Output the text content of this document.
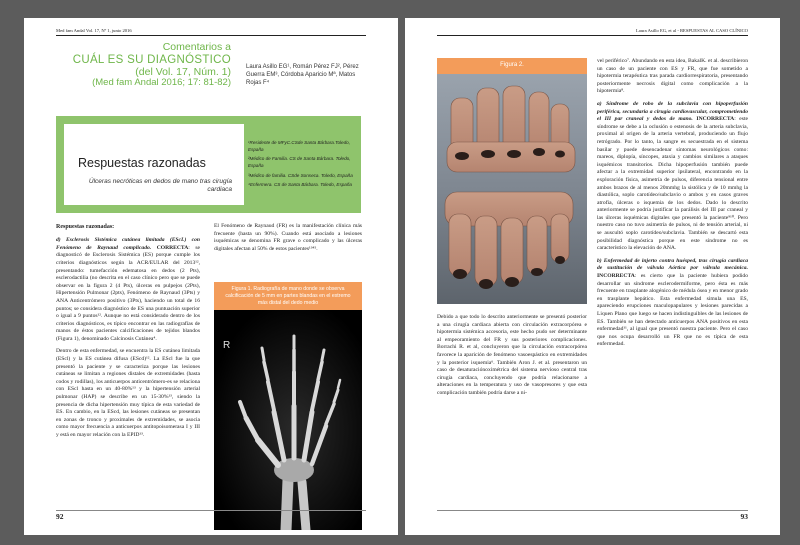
Med fam Andal Vol. 17, Nº 1, junio 2016
Comentarios a
CUÁL ES SU DIAGNÓSTICO
(del Vol. 17, Núm. 1)
(Med fam Andal 2016; 17: 81-82)
Laura Asillo EG¹, Román Pérez FJ², Pérez Guerra EM³, Córdoba Aparicio Mª, Matos Rojas F⁴
Respuestas razonadas
Úlceras necróticas en dedos de mano tras cirugía cardiaca

¹Residente de MFyC.CSde Santa Bárbara.Toledo, España

²Médico de Familia. CS de Santa Bárbara. Toledo, España

³Médico de familia. CSde Sonseca. Toledo, España

⁴Enfermera. CS de Santa Bárbara. Toledo, España

Respuestas razonadas:

d) Esclerosis Sistémica cutánea limitada (EScL) con Fenómeno de Raynaud complicado. CORRECTA: se diagnosticó de Esclerosis Sistémica (ES) porque cumple los criterios diagnósticos según la ACR/EULAR del 2013¹², presentando: tumefacción edematosa en dedos (2 Pts), esclerodactilia (no descrita en el caso clínico pero que se puede observar en la figura 2 (4 Pts), úlceras en pulpejos (2Pts), Hipertensión Pulmonar (2pts), Fenómeno de Raynaud (3Pts) y ANA Anticentrómero positivo (3Pts), haciendo un total de 16 puntos; se considera diagnóstico de ES una puntuación superior o igual a 9 puntos¹². Aunque no está considerado dentro de los criterios diagnósticos, es típico encontrar en las radiografías de manos de éstos pacientes calcificaciones de tejidos blandos (Figura 1), denominado Calcinosis Cutánea⁴.

Dentro de esta enfermedad, se encuentra la ES cutánea limitada (EScl) y la ES cutánea difusa (EScd)¹². La EScl fue la que presentó la paciente y se caracteriza porque las lesiones cutáneas se limitan a regiones distales de extremidades (hasta codos y rodillas), los anticuerpos anticentrómero-es se relaciona con EScl hasta en un 40-80%¹³ y la hipertensión arterial pulmonar (HAP) se describe en un 15-30%¹³, siendo la presencia de dicha hipertensión muy típica de esta variedad de ES. En cambio, en la EScd, las lesiones cutáneas se presentan en zonas de tronco y proximales de extremidades, se asocia como mayor frecuencia a anticuerpos antitopoisomerasa I y III y está en mayor relación con la EPID¹³.

El Fenómeno de Raynaud (FR) es la manifestación clínica más frecuente (hasta un 90%). Cuando está asociado a lesiones isquémicas se denomina FR grave o complicado y las úlceras digitales afectan al 50% de estos pacientes¹³⁴⁵.

Figura 1. Radiografía de mano donde se observa calcificación de 5 mm en partes blandas en el extremo más distal del dedo medio
R
92
Laura Asillo EG, et al - RESPUESTAS AL CASO CLÍNICO
Figura 2.

Debido a que todo lo descrito anteriormente se presentó posterior a una cirugía cardiaca abierta con circulación extracorpórea e hipotermia sistémica accesoria, este hecho pudo ser determinante al empeoramiento del FR y sus posteriores complicaciones. Borrachi R. et al, concluyeron que la circulación extracorpórea favorece la aparición de fenómeno vasoespástico en extremidades y la posterior isquemia⁶. También Aron J. et al. presentaron un caso de desaturaciónoximétrica del sistema nervioso central tras cirugía cardiaca, concluyendo que podría relacionarse a alteraciones en la temperatura y uso de vasopresores y que esta complicación también podría darse a ni-

vel periférico⁷. Abundando en esta idea, BakalK. et al. describieron un caso de un paciente con ES y FR, que fue sometido a hipotermia terapéutica tras parada cardiorrespiratoria, presentando posteriormente necrosis digital como complicación a la hipotermia⁸.

a) Síndrome de robo de la subclavia con hipoperfusión periférica, secundaria a cirugía cardiovascular, comprometiendo el III par craneal y dedos de mano. INCORRECTA: este síndrome se debe a la oclusión o estenosis de la arteria subclavia, proximal al origen de la arteria vertebral, produciendo un flujo retrógrado. Por lo tanto, la sangre es secuestrada en el sistema basilar y puede desencadenar síntomas neurológicos como: mareos, diplopía, síncopes, ataxia y cambios similares a ataques isquémicos transitorios. Dicha hipoperfusión también puede afectar a la extremidad superior ipsilateral, encontrando en la exploración física, asimetría de pulsos, diferencia tensional entre ambos brazos de al menos 20mmhg la sistólica y de 10 mmhg la diastólica, soplo carotídeo/subclavio o ambos y en casos graves atrofia, úlceras o isquemia de los dedos. Dado lo descrito anteriormente se podría justificar la parálisis del III par craneal y las úlceras isquémicas digitales que presentó la paciente⁹¹⁰. Pero nuestro caso no tuvo asimetría de pulsos, ni de tensión arterial, ni se auscultó soplo carotídeo/subclavia. También se descartó esta posibilidad diagnóstica porque en este síndrome no es característico la elevación de ANA.

b) Enfermedad de injerto contra huésped, tras cirugía cardiaca de sustitución de válvula Aórtica por válvula mecánica. INCORRECTA: es cierto que la paciente hubiera podido desarrollar un síndrome esclerodermiforme, pero ésta es más frecuente en trasplante alogénico de médula ósea y en menor grado en trasplante hepático. Esta enfermedad simula una ES, apareciendo erupciones maculopapulares y lesiones parecidas a Liquen Plano que luego se hacen indistinguibles de las lesiones de ES. También se han detectado anticuerpos ANA positivos en esta enfermedad¹¹, al igual que presentó nuestra paciente. Pero el caso que nos ocupa desarrolló un FR que no es típica de esta enfermedad.

93
